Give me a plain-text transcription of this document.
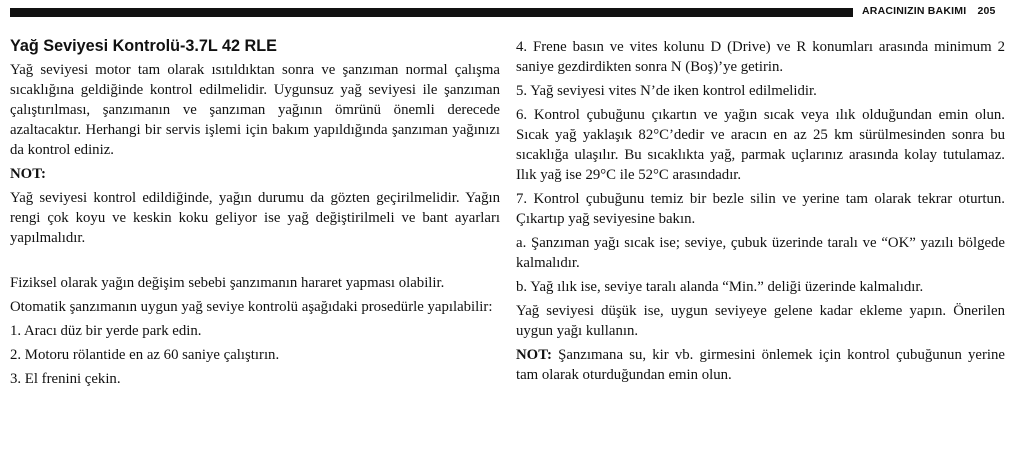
ARACINIZIN BAKIMI 205
Yağ Seviyesi Kontrolü-3.7L 42 RLE

Yağ seviyesi motor tam olarak ısıtıldıktan sonra ve şanzıman normal çalışma sıcaklığına geldiğinde kontrol edilmelidir. Uygunsuz yağ seviyesi ile şanzıman çalıştırılması, şanzımanın ve şanzıman yağının ömrünü önemli derecede azaltacaktır. Herhangi bir servis işlemi için bakım yapıldığında şanzıman yağınızı da kontrol ediniz.

NOT:

Yağ seviyesi kontrol edildiğinde, yağın durumu da gözten geçirilmelidir. Yağın rengi çok koyu ve keskin koku geliyor ise yağ değiştirilmeli ve bant ayarları yapılmalıdır.

Fiziksel olarak yağın değişim sebebi şanzımanın hararet yapması olabilir.

Otomatik şanzımanın uygun yağ seviye kontrolü aşağıdaki prosedürle yapılabilir:

1. Aracı düz bir yerde park edin.

2. Motoru rölantide en az 60 saniye çalıştırın.

3. El frenini çekin.

4. Frene basın ve vites kolunu D (Drive) ve R konumları arasında minimum 2 saniye gezdirdikten sonra N (Boş)’ye getirin.

5. Yağ seviyesi vites N’de iken kontrol edilmelidir.

6. Kontrol çubuğunu çıkartın ve yağın sıcak veya ılık olduğundan emin olun. Sıcak yağ yaklaşık 82°C’dedir ve aracın en az 25 km sürülmesinden sonra bu sıcaklığa ulaşılır. Bu sıcaklıkta yağ, parmak uçlarınız arasında kolay tutulamaz. Ilık yağ ise 29°C ile 52°C arasındadır.

7. Kontrol çubuğunu temiz bir bezle silin ve yerine tam olarak tekrar oturtun. Çıkartıp yağ seviyesine bakın.

a. Şanzıman yağı sıcak ise; seviye, çubuk üzerinde taralı ve “OK” yazılı bölgede kalmalıdır.

b. Yağ ılık ise, seviye taralı alanda “Min.” deliği üzerinde kalmalıdır.

Yağ seviyesi düşük ise, uygun seviyeye gelene kadar ekleme yapın. Önerilen uygun yağı kullanın.

NOT: Şanzımana su, kir vb. girmesini önlemek için kontrol çubuğunun yerine tam olarak oturduğundan emin olun.
